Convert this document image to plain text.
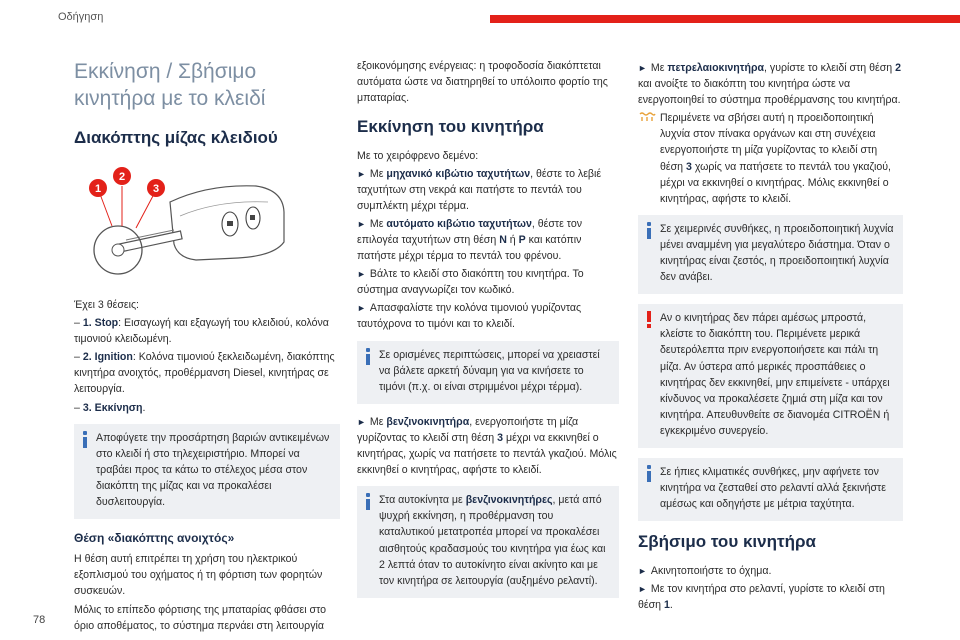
Οδήγηση
78
Εκκίνηση / Σβήσιμο κινητήρα με το κλειδί
Διακόπτης μίζας κλειδιού
1
2
3

Έχει 3 θέσεις:

– 1. Stop: Εισαγωγή και εξαγωγή του κλειδιού, κολόνα τιμονιού κλειδωμένη.

– 2. Ignition: Κολόνα τιμονιού ξεκλειδωμένη, διακόπτης κινητήρα ανοιχτός, προθέρμανση Diesel, κινητήρας σε λειτουργία.

– 3. Εκκίνηση.

Αποφύγετε την προσάρτηση βαριών αντικειμένων στο κλειδί ή στο τηλεχειριστήριο. Μπορεί να τραβάει προς τα κάτω το στέλεχος μέσα στον διακόπτη της μίζας και να προκαλέσει δυσλειτουργία.

Θέση «διακόπτης ανοιχτός»

Η θέση αυτή επιτρέπει τη χρήση του ηλεκτρικού εξοπλισμού του οχήματος ή τη φόρτιση των φορητών συσκευών.

Μόλις το επίπεδο φόρτισης της μπαταρίας φθάσει στο όριο αποθέματος, το σύστημα περνάει στη λειτουργία

εξοικονόμησης ενέργειας: η τροφοδοσία διακόπτεται αυτόματα ώστε να διατηρηθεί το υπόλοιπο φορτίο της μπαταρίας.

Εκκίνηση του κινητήρα

Με το χειρόφρενο δεμένο:

► Με μηχανικό κιβώτιο ταχυτήτων, θέστε το λεβιέ ταχυτήτων στη νεκρά και πατήστε το πεντάλ του συμπλέκτη μέχρι τέρμα.

► Με αυτόματο κιβώτιο ταχυτήτων, θέστε τον επιλογέα ταχυτήτων στη θέση N ή P και κατόπιν πατήστε μέχρι τέρμα το πεντάλ του φρένου.

► Βάλτε το κλειδί στο διακόπτη του κινητήρα. Το σύστημα αναγνωρίζει τον κωδικό.

► Απασφαλίστε την κολόνα τιμονιού γυρίζοντας ταυτόχρονα το τιμόνι και το κλειδί.

Σε ορισμένες περιπτώσεις, μπορεί να χρειαστεί να βάλετε αρκετή δύναμη για να κινήσετε το τιμόνι (π.χ. οι είναι στριμμένοι μέχρι τέρμα).

► Με βενζινοκινητήρα, ενεργοποιήστε τη μίζα γυρίζοντας το κλειδί στη θέση 3 μέχρι να εκκινηθεί ο κινητήρας, χωρίς να πατήσετε το πεντάλ γκαζιού. Μόλις εκκινηθεί ο κινητήρας, αφήστε το κλειδί.

Στα αυτοκίνητα με βενζινοκινητήρες, μετά από ψυχρή εκκίνηση, η προθέρμανση του καταλυτικού μετατροπέα μπορεί να προκαλέσει αισθητούς κραδασμούς του κινητήρα για έως και 2 λεπτά όταν το αυτοκίνητο είναι ακίνητο και με τον κινητήρα σε λειτουργία (αυξημένο ρελαντί).

► Με πετρελαιοκινητήρα, γυρίστε το κλειδί στη θέση 2 και ανοίξτε το διακόπτη του κινητήρα ώστε να ενεργοποιηθεί το σύστημα προθέρμανσης του κινητήρα.

Περιμένετε να σβήσει αυτή η προειδοποιητική λυχνία στον πίνακα οργάνων και στη συνέχεια ενεργοποιήστε τη μίζα γυρίζοντας το κλειδί στη θέση 3 χωρίς να πατήσετε το πεντάλ του γκαζιού, μέχρι να εκκινηθεί ο κινητήρας. Μόλις εκκινηθεί ο κινητήρας, αφήστε το κλειδί.

Σε χειμερινές συνθήκες, η προειδοποιητική λυχνία μένει αναμμένη για μεγαλύτερο διάστημα. Όταν ο κινητήρας είναι ζεστός, η προειδοποιητική λυχνία δεν ανάβει.

Αν ο κινητήρας δεν πάρει αμέσως μπροστά, κλείστε το διακόπτη του. Περιμένετε μερικά δευτερόλεπτα πριν ενεργοποιήσετε και πάλι τη μίζα. Αν ύστερα από μερικές προσπάθειες ο κινητήρας δεν εκκινηθεί, μην επιμείνετε - υπάρχει κίνδυνος να προκαλέσετε ζημιά στη μίζα και τον κινητήρα. Απευθυνθείτε σε διανομέα CITROËN ή εγκεκριμένο συνεργείο.

Σε ήπιες κλιματικές συνθήκες, μην αφήνετε τον κινητήρα να ζεσταθεί στο ρελαντί αλλά ξεκινήστε αμέσως και οδηγήστε με μέτρια ταχύτητα.

Σβήσιμο του κινητήρα

► Ακινητοποιήστε το όχημα.

► Με τον κινητήρα στο ρελαντί, γυρίστε το κλειδί στη θέση 1.
